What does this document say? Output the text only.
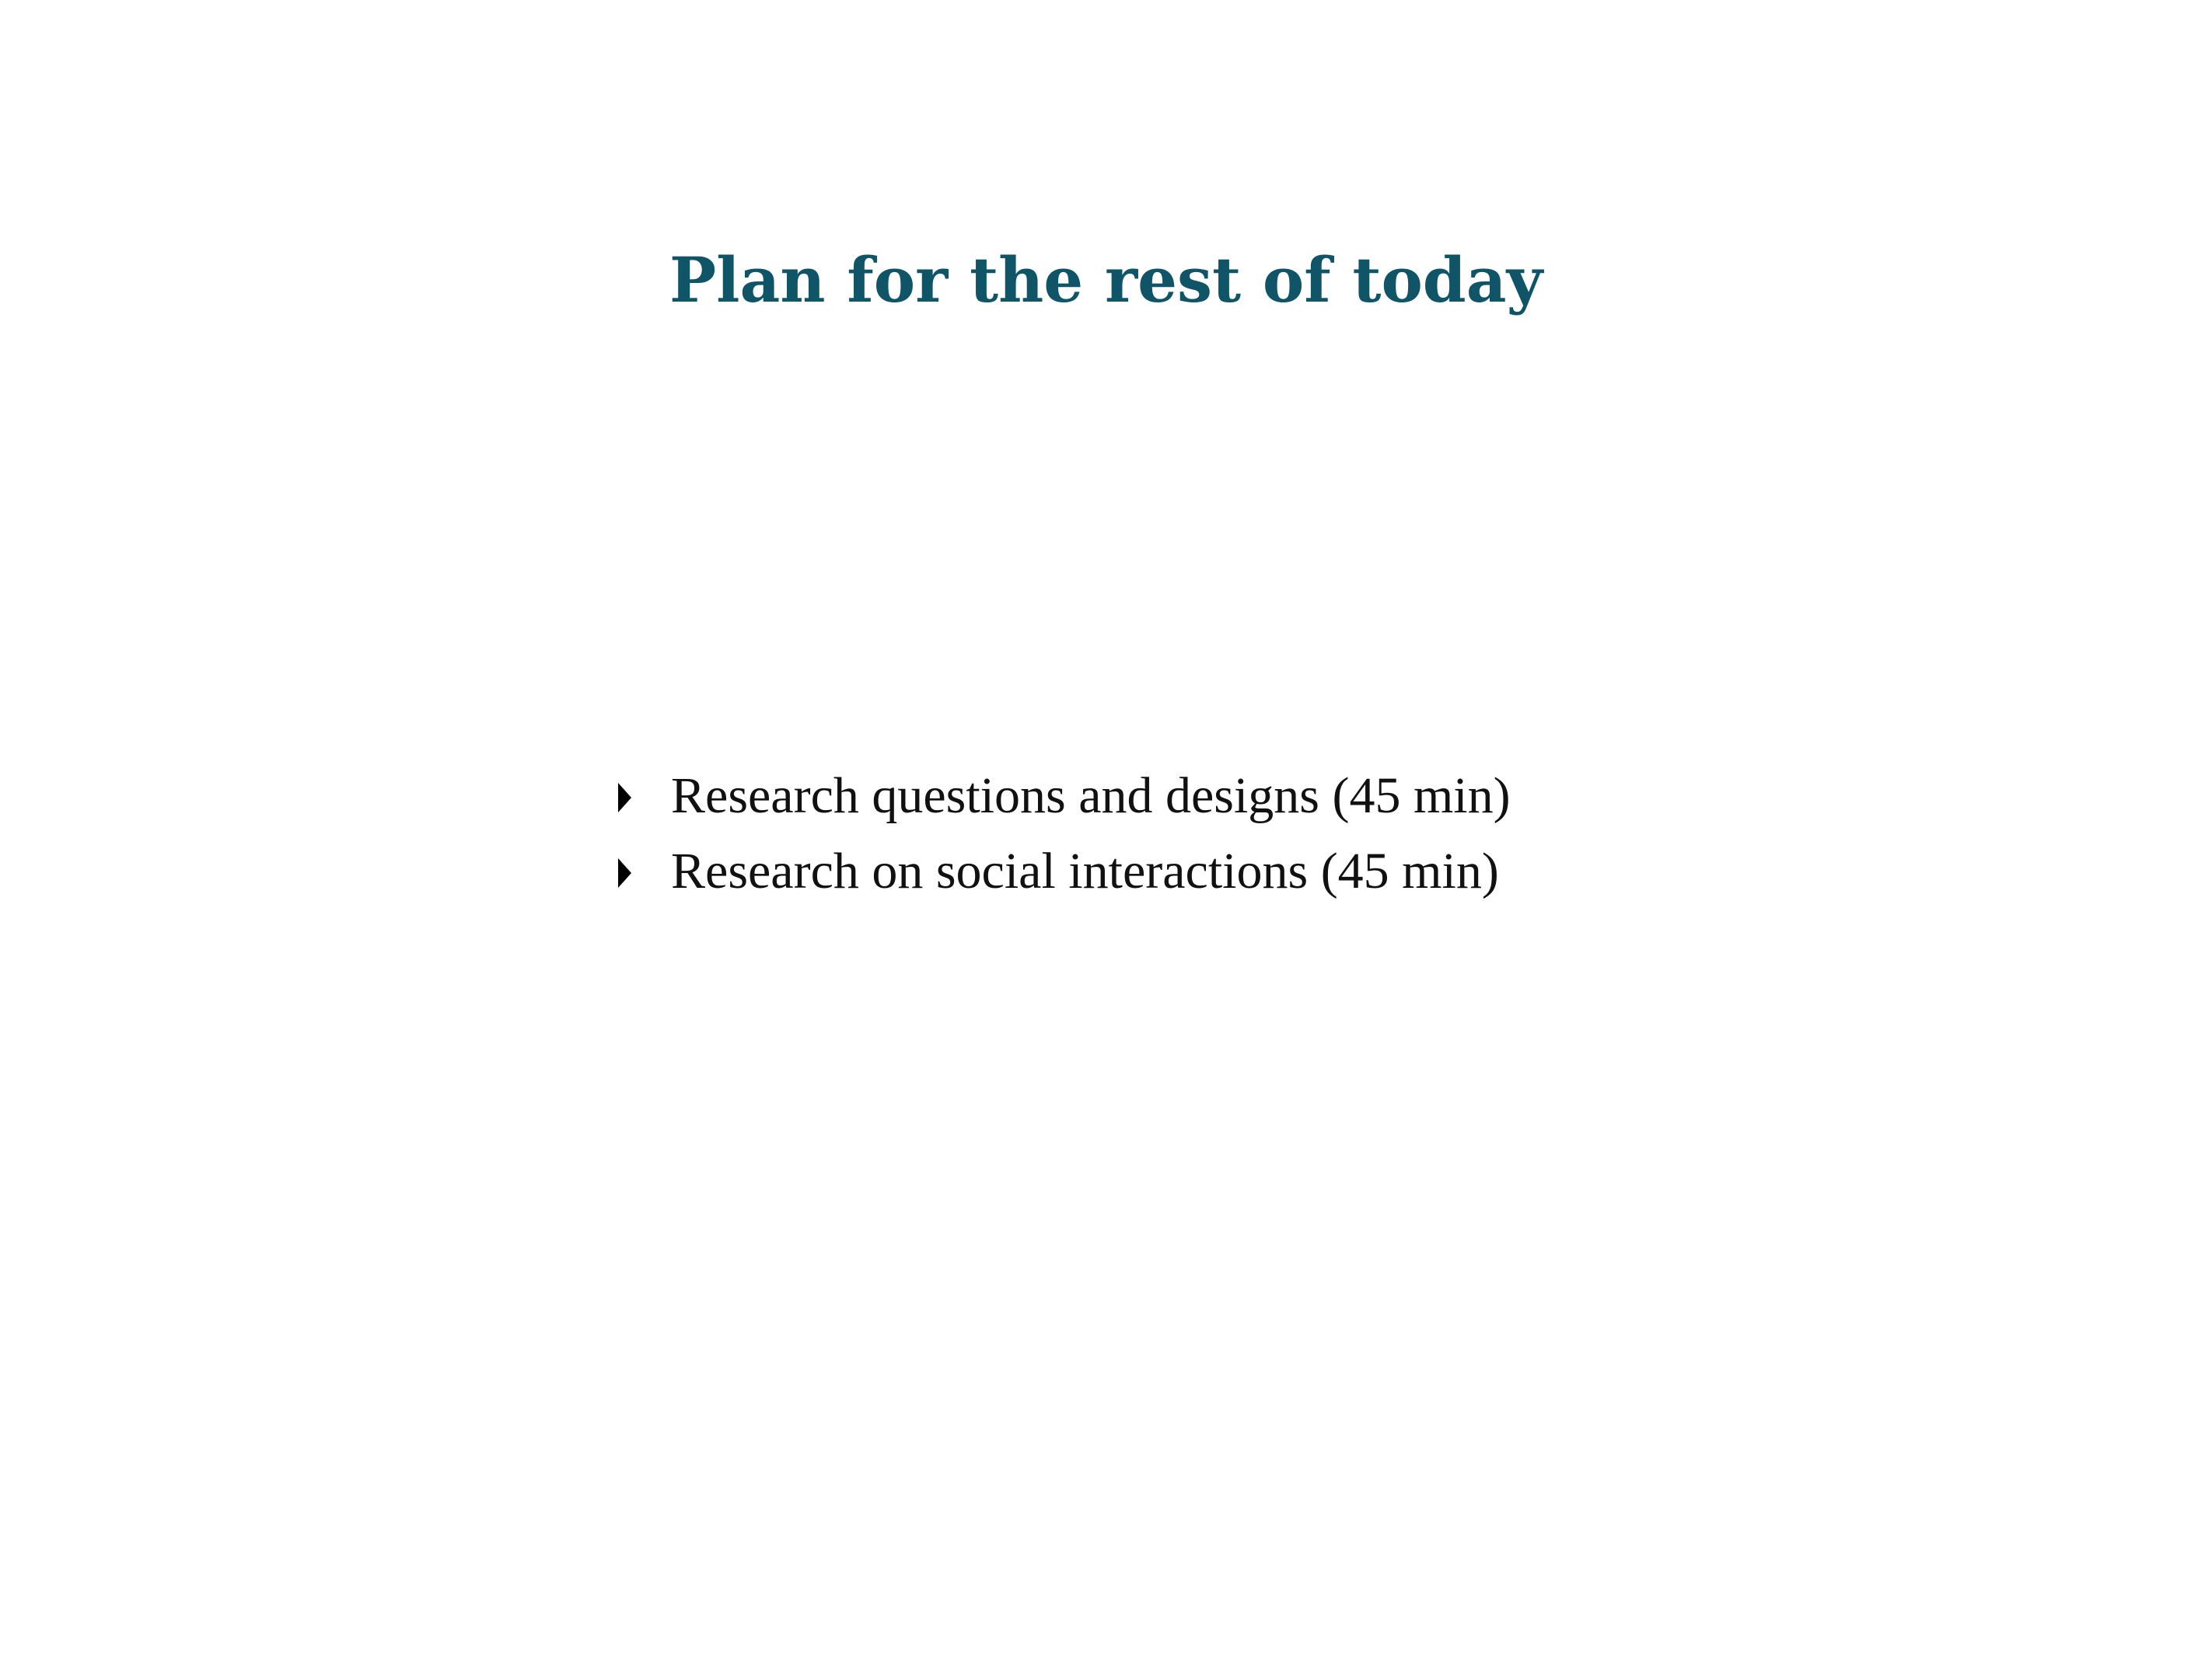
Plan for the rest of today
Research questions and designs (45 min)
Research on social interactions (45 min)
